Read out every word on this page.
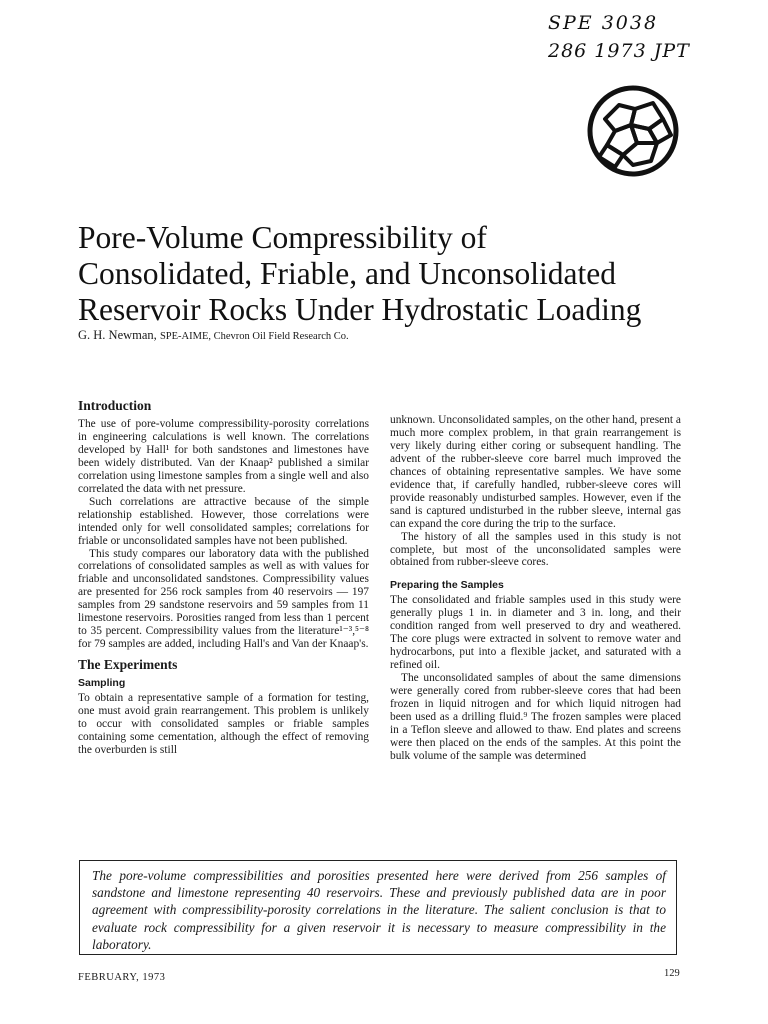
SPE 3038
286 1973 JPT
Pore-Volume Compressibility of
Consolidated, Friable, and Unconsolidated
Reservoir Rocks Under Hydrostatic Loading
G. H. Newman, SPE-AIME, Chevron Oil Field Research Co.
Introduction

The use of pore-volume compressibility-porosity correlations in engineering calculations is well known. The correlations developed by Hall¹ for both sandstones and limestones have been widely distributed. Van der Knaap² published a similar correlation using limestone samples from a single well and also correlated the data with net pressure.

Such correlations are attractive because of the simple relationship established. However, those correlations were intended only for well consolidated samples; correlations for friable or unconsolidated samples have not been published.

This study compares our laboratory data with the published correlations of consolidated samples as well as with values for friable and unconsolidated sandstones. Compressibility values are presented for 256 rock samples from 40 reservoirs — 197 samples from 29 sandstone reservoirs and 59 samples from 11 limestone reservoirs. Porosities ranged from less than 1 percent to 35 percent. Compressibility values from the literature¹⁻³,⁵⁻⁸ for 79 samples are added, including Hall's and Van der Knaap's.

The Experiments
Sampling

To obtain a representative sample of a formation for testing, one must avoid grain rearrangement. This problem is unlikely to occur with consolidated samples or friable samples containing some cementation, although the effect of removing the overburden is still

unknown. Unconsolidated samples, on the other hand, present a much more complex problem, in that grain rearrangement is very likely during either coring or subsequent handling. The advent of the rubber-sleeve core barrel much improved the chances of obtaining representative samples. We have some evidence that, if carefully handled, rubber-sleeve cores will provide reasonably undisturbed samples. However, even if the sand is captured undisturbed in the rubber sleeve, internal gas can expand the core during the trip to the surface.

The history of all the samples used in this study is not complete, but most of the unconsolidated samples were obtained from rubber-sleeve cores.

Preparing the Samples

The consolidated and friable samples used in this study were generally plugs 1 in. in diameter and 3 in. long, and their condition ranged from well preserved to dry and weathered. The core plugs were extracted in solvent to remove water and hydrocarbons, put into a flexible jacket, and saturated with a refined oil.

The unconsolidated samples of about the same dimensions were generally cored from rubber-sleeve cores that had been frozen in liquid nitrogen and for which liquid nitrogen had been used as a drilling fluid.⁹ The frozen samples were placed in a Teflon sleeve and allowed to thaw. End plates and screens were then placed on the ends of the samples. At this point the bulk volume of the sample was determined

The pore-volume compressibilities and porosities presented here were derived from 256 samples of sandstone and limestone representing 40 reservoirs. These and previously published data are in poor agreement with compressibility-porosity correlations in the literature. The salient conclusion is that to evaluate rock compressibility for a given reservoir it is necessary to measure compressibility in the laboratory.
FEBRUARY, 1973	129
